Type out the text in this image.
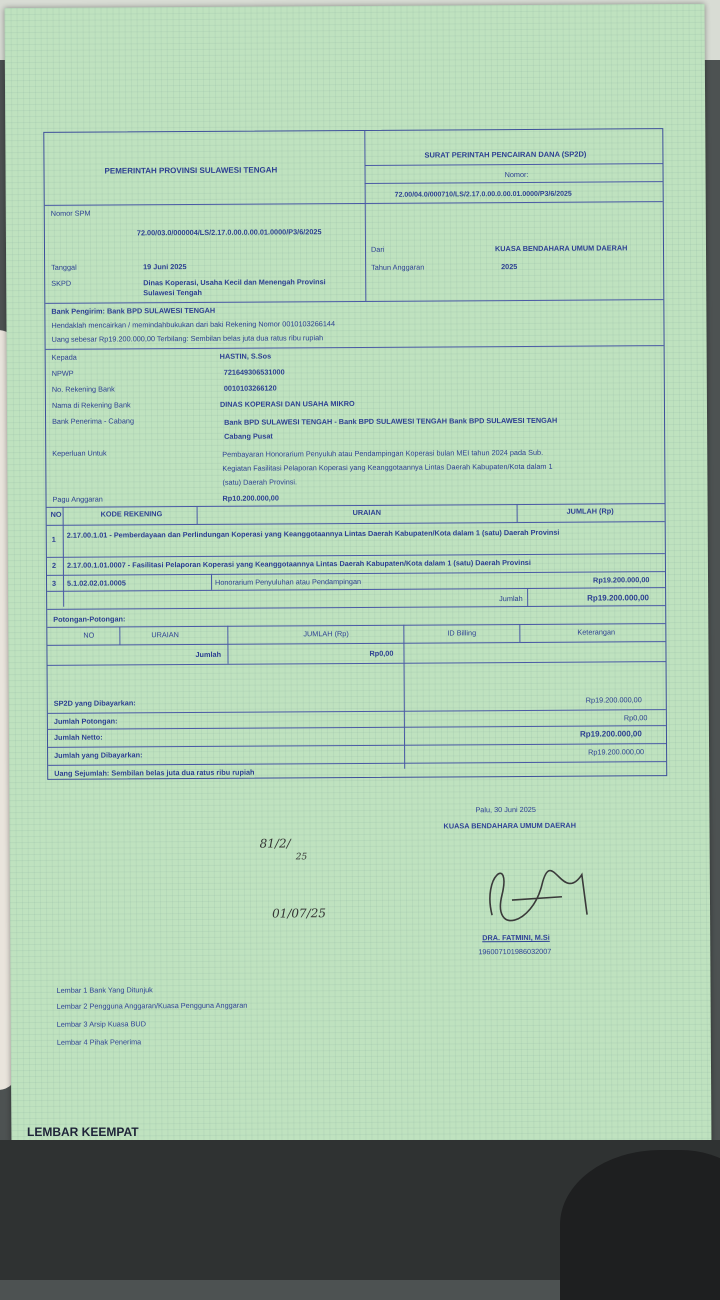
PEMERINTAH PROVINSI SULAWESI TENGAH
SURAT PERINTAH PENCAIRAN DANA (SP2D)
Nomor:
72.00/04.0/000710/LS/2.17.0.00.0.00.01.0000/P3/6/2025
Nomor SPM
72.00/03.0/000004/LS/2.17.0.00.0.00.01.0000/P3/6/2025
Tanggal	19 Juni 2025
SKPD	Dinas Koperasi, Usaha Kecil dan Menengah Provinsi Sulawesi Tengah
Dari	KUASA BENDAHARA UMUM DAERAH
Tahun Anggaran	2025
Bank Pengirim: Bank BPD SULAWESI TENGAH
Hendaklah mencairkan / memindahbukukan dari baki Rekening Nomor 0010103266144
Uang sebesar Rp19.200.000,00 Terbilang: Sembilan belas juta dua ratus ribu rupiah
Kepada	HASTIN, S.Sos
NPWP	721649306531000
No. Rekening Bank	0010103266120
Nama di Rekening Bank	DINAS KOPERASI DAN USAHA MIKRO
Bank Penerima - Cabang	Bank BPD SULAWESI TENGAH - Bank BPD SULAWESI TENGAH Bank BPD SULAWESI TENGAH Cabang Pusat
Keperluan Untuk	Pembayaran Honorarium Penyuluh atau Pendampingan Koperasi bulan MEI tahun 2024 pada Sub. Kegiatan Fasilitasi Pelaporan Koperasi yang Keanggotaannya Lintas Daerah Kabupaten/Kota dalam 1 (satu) Daerah Provinsi.
Pagu Anggaran	Rp10.200.000,00
NO	KODE REKENING	URAIAN	JUMLAH (Rp)
1 2.17.00.1.01 - Pemberdayaan dan Perlindungan Koperasi yang Keanggotaannya Lintas Daerah Kabupaten/Kota dalam 1 (satu) Daerah Provinsi
2 2.17.00.1.01.0007 - Fasilitasi Pelaporan Koperasi yang Keanggotaannya Lintas Daerah Kabupaten/Kota dalam 1 (satu) Daerah Provinsi
3 5.1.02.02.01.0005	Honorarium Penyuluhan atau Pendampingan	Rp19.200.000,00
Jumlah	Rp19.200.000,00
Potongan-Potongan:
NO	URAIAN	JUMLAH (Rp)	ID Billing	Keterangan
Jumlah	Rp0,00
SP2D yang Dibayarkan:	Rp19.200.000,00
Jumlah Potongan:	Rp0,00
Jumlah Netto:	Rp19.200.000,00
Jumlah yang Dibayarkan:	Rp19.200.000,00
Uang Sejumlah: Sembilan belas juta dua ratus ribu rupiah
Palu, 30 Juni 2025
KUASA BENDAHARA UMUM DAERAH
DRA. FATMINI, M.Si
196007101986032007
81/2/
25
01/07/25
Lembar 1 Bank Yang Ditunjuk
Lembar 2 Pengguna Anggaran/Kuasa Pengguna Anggaran
Lembar 3 Arsip Kuasa BUD
Lembar 4 Pihak Penerima
LEMBAR KEEMPAT
